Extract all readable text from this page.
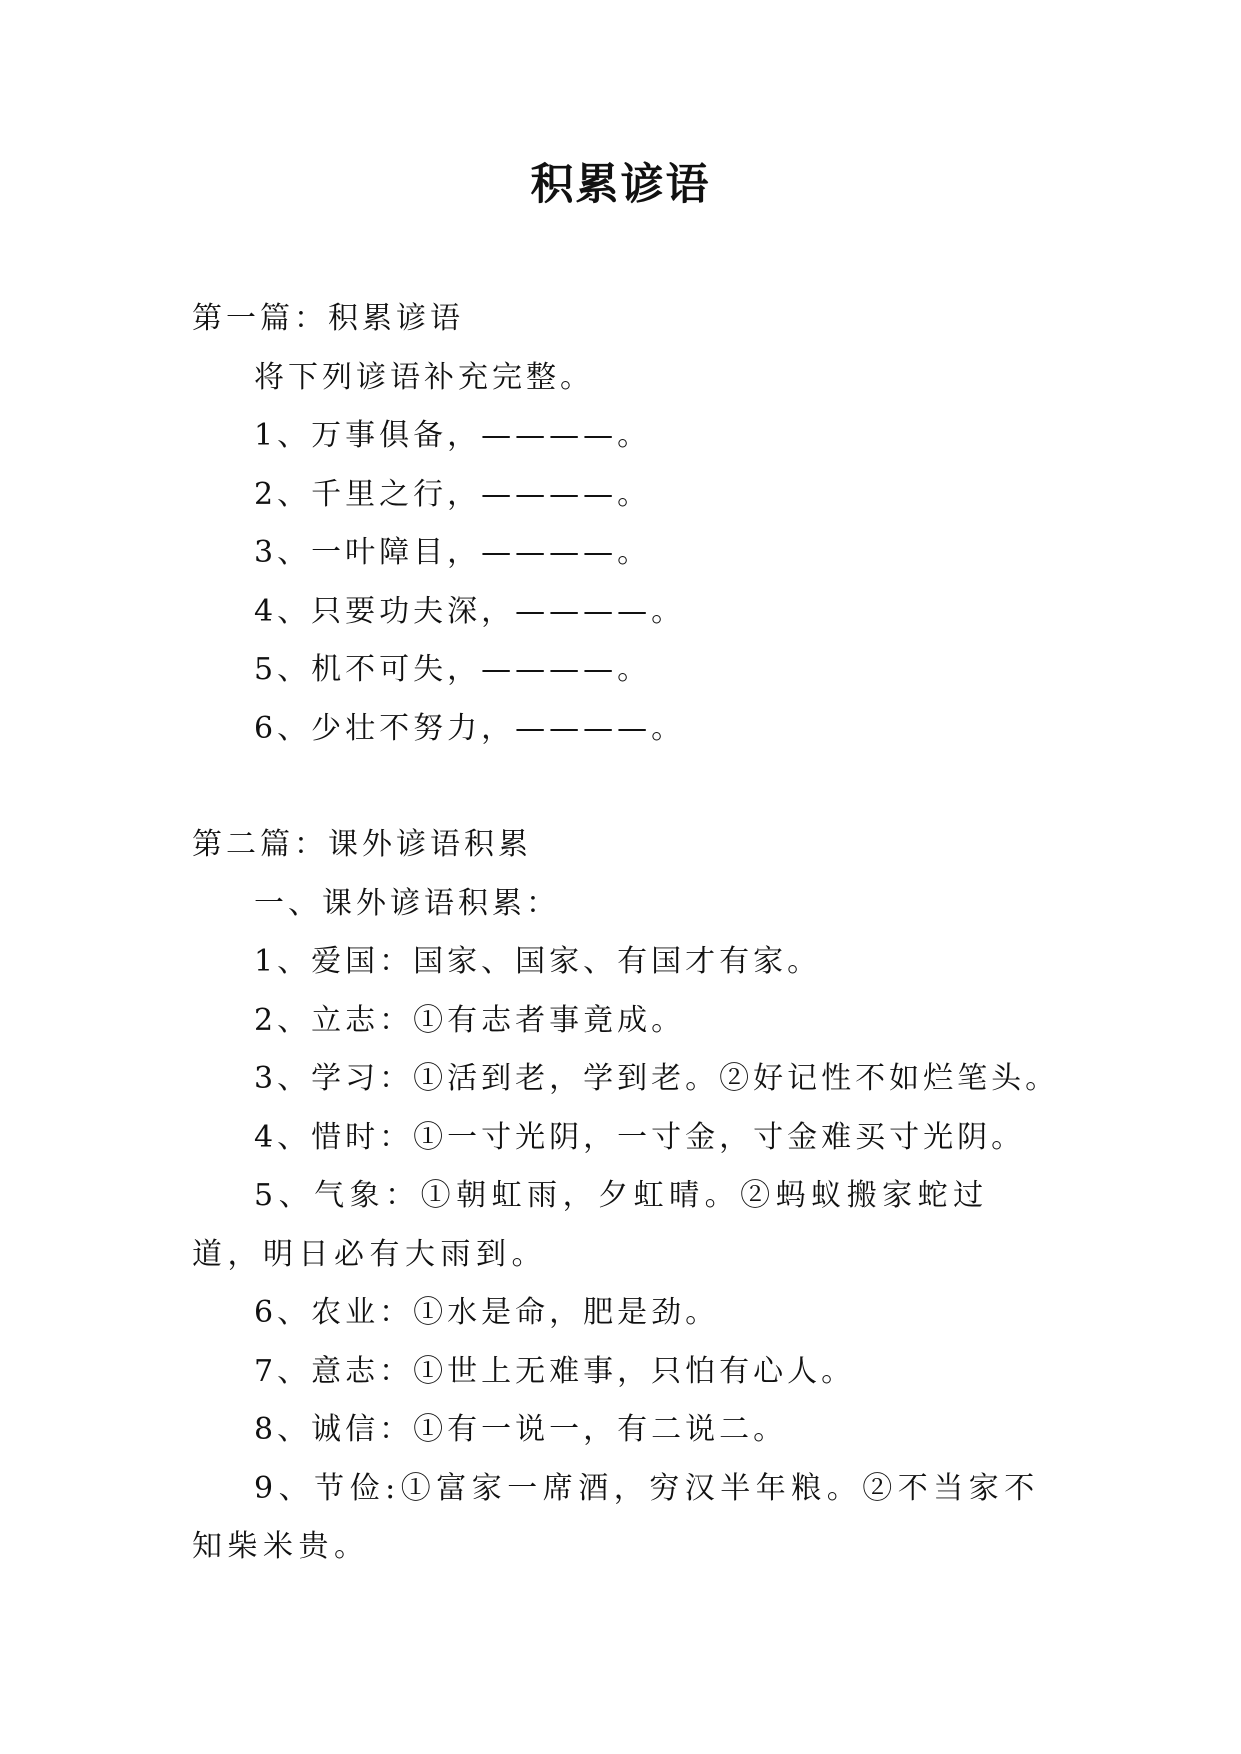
积累谚语
第一篇：积累谚语
将下列谚语补充完整。
1、万事俱备，————。
2、千里之行，————。
3、一叶障目，————。
4、只要功夫深，————。
5、机不可失，————。
6、少壮不努力，————。
第二篇：课外谚语积累
一、课外谚语积累：
1、爱国：国家、国家、有国才有家。
2、立志：①有志者事竟成。
3、学习：①活到老，学到老。②好记性不如烂笔头。
4、惜时：①一寸光阴，一寸金，寸金难买寸光阴。
5、气象：①朝虹雨，夕虹晴。②蚂蚁搬家蛇过道，明日必有大雨到。
6、农业：①水是命，肥是劲。
7、意志：①世上无难事，只怕有心人。
8、诚信：①有一说一，有二说二。
9、节俭:①富家一席酒，穷汉半年粮。②不当家不知柴米贵。
